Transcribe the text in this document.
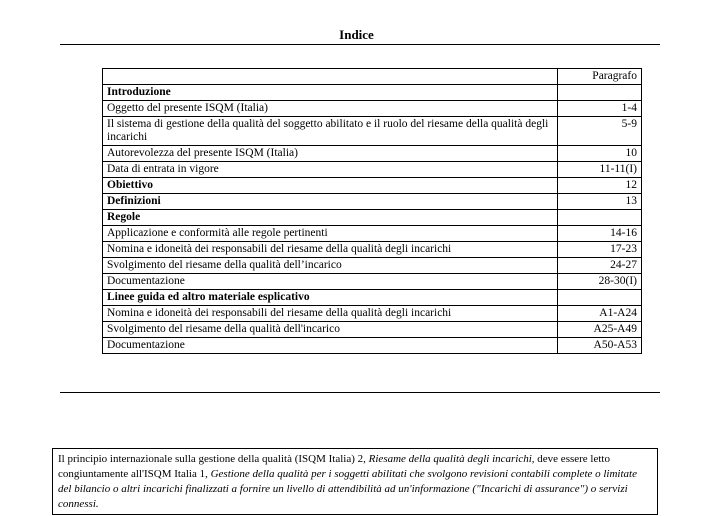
Indice
	Paragrafo
Introduzione	
Oggetto del presente ISQM (Italia)	1-4
Il sistema di gestione della qualità del soggetto abilitato e il ruolo del riesame della qualità degli incarichi	5-9
Autorevolezza del presente ISQM (Italia)	10
Data di entrata in vigore	11-11(I)
Obiettivo	12
Definizioni	13
Regole	
Applicazione e conformità alle regole pertinenti	14-16
Nomina e idoneità dei responsabili del riesame della qualità degli incarichi	17-23
Svolgimento del riesame della qualità dell’incarico	24-27
Documentazione	28-30(I)
Linee guida ed altro materiale esplicativo	
Nomina e idoneità dei responsabili del riesame della qualità degli incarichi	A1-A24
Svolgimento del riesame della qualità dell'incarico	A25-A49
Documentazione	A50-A53
Il principio internazionale sulla gestione della qualità (ISQM Italia) 2, Riesame della qualità degli incarichi, deve essere letto congiuntamente all'ISQM Italia 1, Gestione della qualità per i soggetti abilitati che svolgono revisioni contabili complete o limitate del bilancio o altri incarichi finalizzati a fornire un livello di attendibilità ad un'informazione ("Incarichi di assurance") o servizi connessi.
